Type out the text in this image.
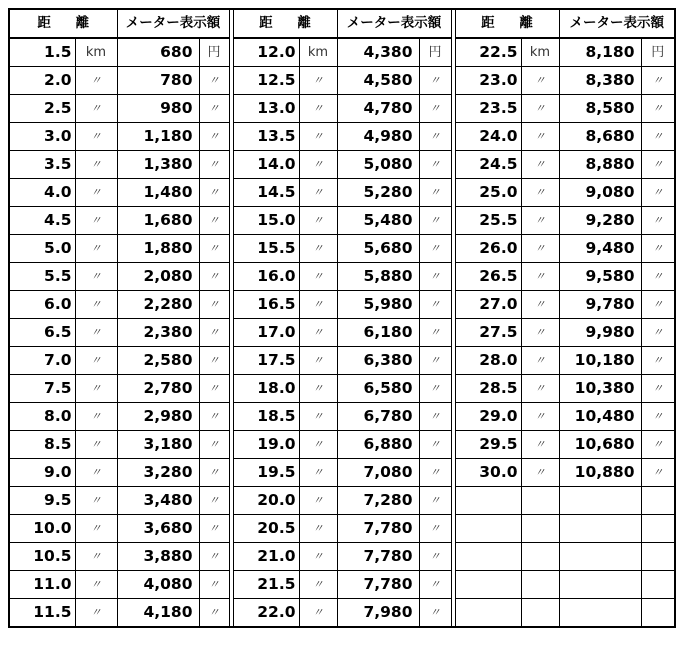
距 離		メーター表示額			距 離		メーター表示額			距 離		メーター表示額	
1.5	km	680	円		12.0	km	4,380	円		22.5	km	8,180	円
2.0	〃	780	〃		12.5	〃	4,580	〃		23.0	〃	8,380	〃
2.5	〃	980	〃		13.0	〃	4,780	〃		23.5	〃	8,580	〃
3.0	〃	1,180	〃		13.5	〃	4,980	〃		24.0	〃	8,680	〃
3.5	〃	1,380	〃		14.0	〃	5,080	〃		24.5	〃	8,880	〃
4.0	〃	1,480	〃		14.5	〃	5,280	〃		25.0	〃	9,080	〃
4.5	〃	1,680	〃		15.0	〃	5,480	〃		25.5	〃	9,280	〃
5.0	〃	1,880	〃		15.5	〃	5,680	〃		26.0	〃	9,480	〃
5.5	〃	2,080	〃		16.0	〃	5,880	〃		26.5	〃	9,580	〃
6.0	〃	2,280	〃		16.5	〃	5,980	〃		27.0	〃	9,780	〃
6.5	〃	2,380	〃		17.0	〃	6,180	〃		27.5	〃	9,980	〃
7.0	〃	2,580	〃		17.5	〃	6,380	〃		28.0	〃	10,180	〃
7.5	〃	2,780	〃		18.0	〃	6,580	〃		28.5	〃	10,380	〃
8.0	〃	2,980	〃		18.5	〃	6,780	〃		29.0	〃	10,480	〃
8.5	〃	3,180	〃		19.0	〃	6,880	〃		29.5	〃	10,680	〃
9.0	〃	3,280	〃		19.5	〃	7,080	〃		30.0	〃	10,880	〃
9.5	〃	3,480	〃		20.0	〃	7,280	〃					
10.0	〃	3,680	〃		20.5	〃	7,780	〃					
10.5	〃	3,880	〃		21.0	〃	7,780	〃					
11.0	〃	4,080	〃		21.5	〃	7,780	〃					
11.5	〃	4,180	〃		22.0	〃	7,980	〃					
